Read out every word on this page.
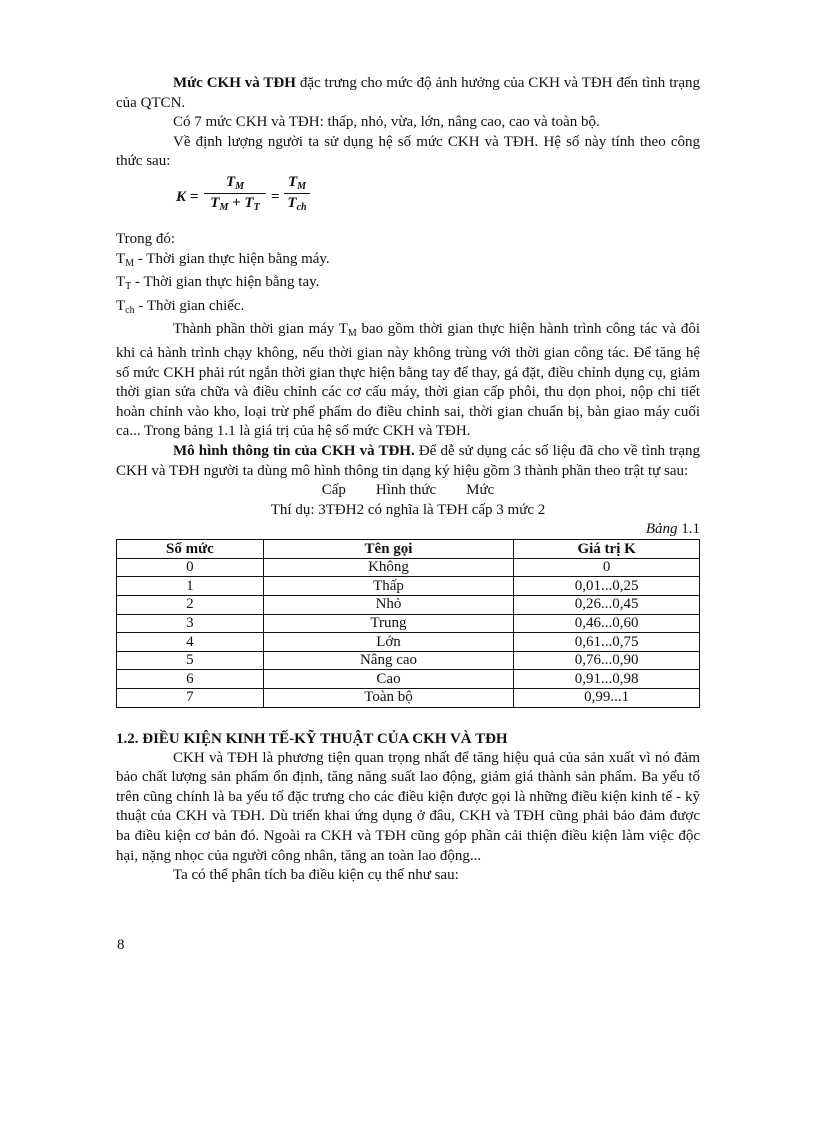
Mức CKH và TĐH đặc trưng cho mức độ ảnh hưởng của CKH và TĐH đến tình trạng của QTCN.

Có 7 mức CKH và TĐH: thấp, nhỏ, vừa, lớn, nâng cao, cao và toàn bộ.

Về định lượng người ta sử dụng hệ số mức CKH và TĐH. Hệ số này tính theo công thức sau:

$K = \frac{T_M}{T_M + T_T}$ =
$T_M$
$T_{ch}$

Trong đó:

$T_M$ - Thời gian thực hiện bằng máy.

$T_T$ - Thời gian thực hiện bằng tay.

$T_{ch}$ - Thời gian chiếc.

Thành phần thời gian máy $T_M$ bao gồm thời gian thực hiện hành trình công tác và đôi khi cả hành trình chạy không, nếu thời gian này không trùng với thời gian công tác. Để tăng hệ số mức CKH phải rút ngắn thời gian thực hiện bằng tay để thay, gá đặt, điều chỉnh dụng cụ, giảm thời gian sửa chữa và điều chỉnh các cơ cấu máy, thời gian cấp phôi, thu dọn phoi, nộp chi tiết hoàn chỉnh vào kho, loại trừ phế phẩm do điều chỉnh sai, thời gian chuẩn bị, bàn giao máy cuối ca... Trong bảng 1.1 là giá trị của hệ số mức CKH và TĐH.

Mô hình thông tin của CKH và TĐH. Để dễ sử dụng các số liệu đã cho về tình trạng CKH và TĐH người ta dùng mô hình thông tin dạng ký hiệu gồm 3 thành phần theo trật tự sau:

Cấp Hình thức Mức

Thí dụ: 3TĐH2 có nghĩa là TĐH cấp 3 mức 2

Bảng 1.1
Số mức	Tên gọi	Giá trị K
0	Không	0
1	Thấp	0,01...0,25
2	Nhỏ	0,26...0,45
3	Trung	0,46...0,60
4	Lớn	0,61...0,75
5	Nâng cao	0,76...0,90
6	Cao	0,91...0,98
7	Toàn bộ	0,99...1
1.2. ĐIỀU KIỆN KINH TẾ-KỸ THUẬT CỦA CKH VÀ TĐH

CKH và TĐH là phương tiện quan trọng nhất để tăng hiệu quả của sản xuất vì nó đảm bảo chất lượng sản phẩm ổn định, tăng năng suất lao động, giảm giá thành sản phẩm. Ba yếu tố trên cũng chính là ba yếu tố đặc trưng cho các điều kiện được gọi là những điều kiện kinh tế - kỹ thuật của CKH và TĐH. Dù triển khai ứng dụng ở đâu, CKH và TĐH cũng phải bảo đảm được ba điều kiện cơ bản đó. Ngoài ra CKH và TĐH cũng góp phần cải thiện điều kiện làm việc độc hại, nặng nhọc của người công nhân, tăng an toàn lao động...

Ta có thể phân tích ba điều kiện cụ thể như sau:

8
